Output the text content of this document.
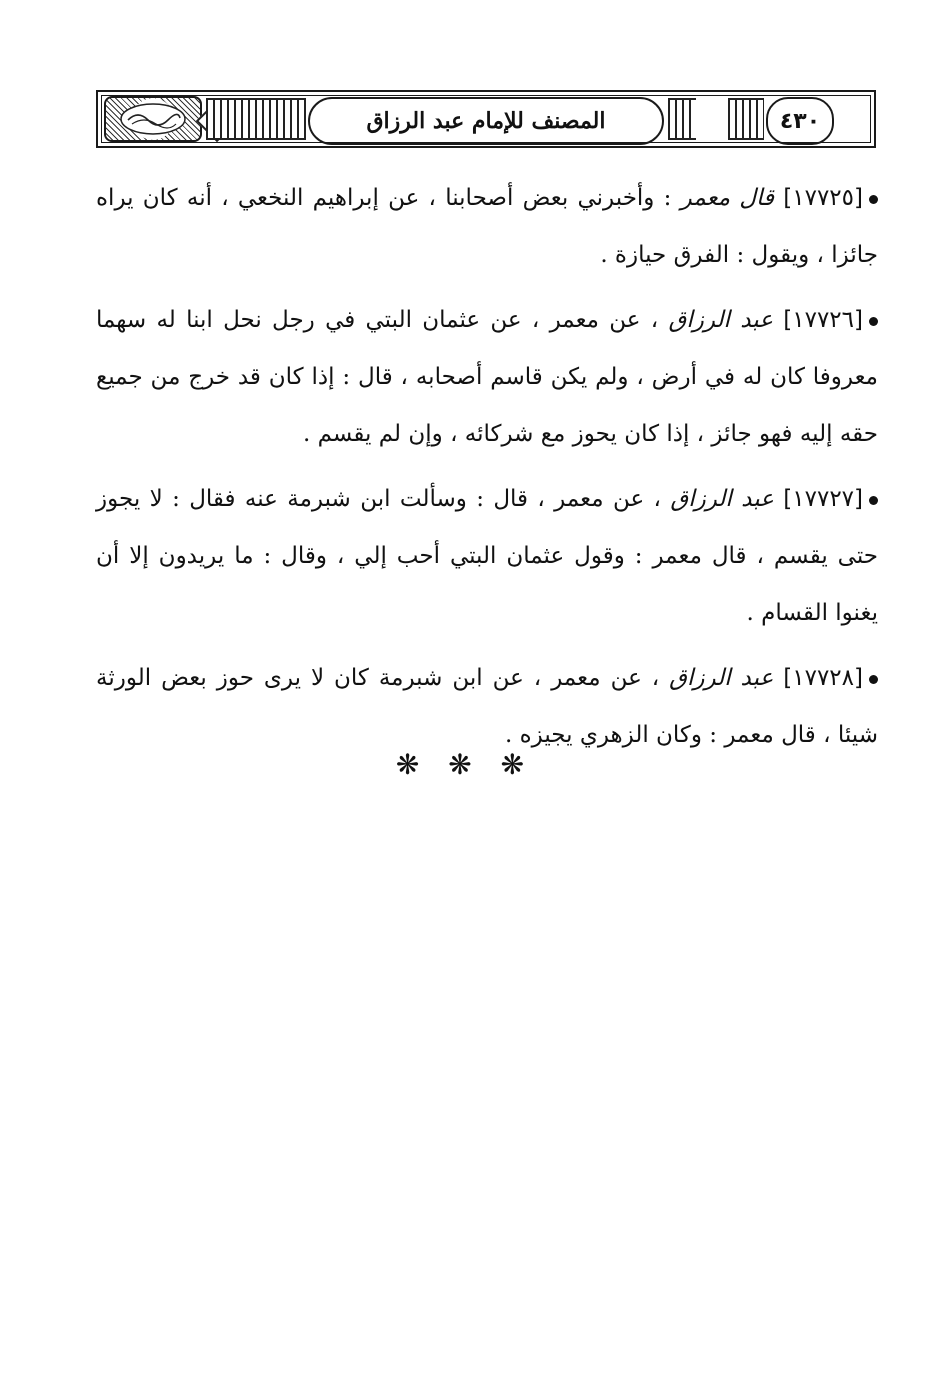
المصنف للإمام عبد الرزاق	٤٣٠

[١٧٧٢٥] قال معمر : وأخبرني بعض أصحابنا ، عن إبراهيم النخعي ، أنه كان يراه جائزا ، ويقول : الفرق حيازة .

[١٧٧٢٦] عبد الرزاق ، عن معمر ، عن عثمان البتي في رجل نحل ابنا له سهما معروفا كان له في أرض ، ولم يكن قاسم أصحابه ، قال : إذا كان قد خرج من جميع حقه إليه فهو جائز ، إذا كان يحوز مع شركائه ، وإن لم يقسم .

[١٧٧٢٧] عبد الرزاق ، عن معمر ، قال : وسألت ابن شبرمة عنه فقال : لا يجوز حتى يقسم ، قال معمر : وقول عثمان البتي أحب إلي ، وقال : ما يريدون إلا أن يغنوا القسام .

[١٧٧٢٨] عبد الرزاق ، عن معمر ، عن ابن شبرمة كان لا يرى حوز بعض الورثة شيئا ، قال معمر : وكان الزهري يجيزه .

❋ ❋ ❋
